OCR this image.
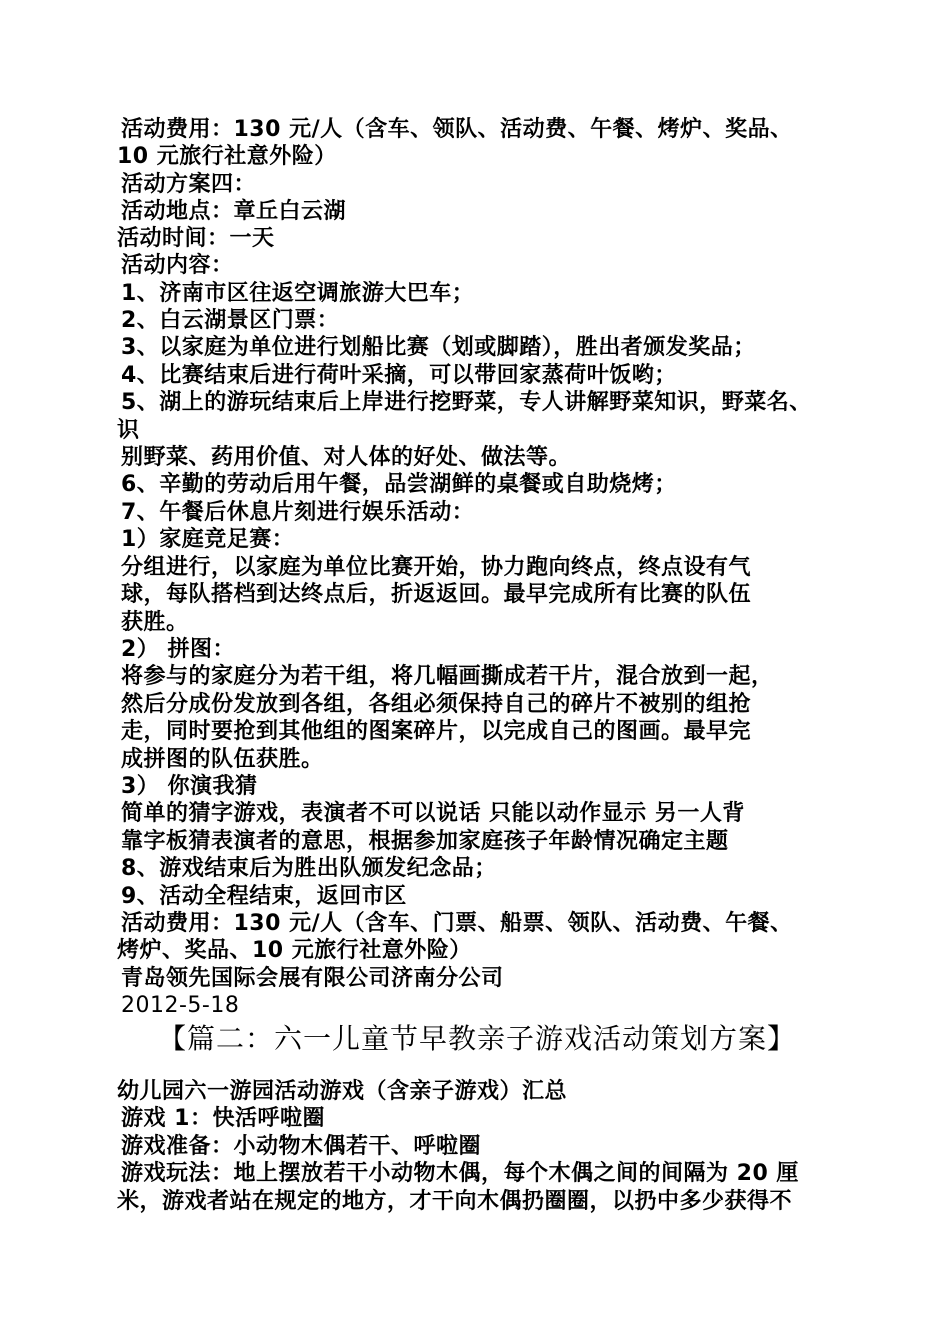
活动费用：130 元/人（含车、领队、活动费、午餐、烤炉、奖品、
10 元旅行社意外险）
活动方案四：
活动地点：章丘白云湖
活动时间：一天
活动内容：
1、济南市区往返空调旅游大巴车；
2、白云湖景区门票：
3、以家庭为单位进行划船比赛（划或脚踏），胜出者颁发奖品；
4、比赛结束后进行荷叶采摘，可以带回家蒸荷叶饭哟；
5、湖上的游玩结束后上岸进行挖野菜，专人讲解野菜知识，野菜名、
识
别野菜、药用价值、对人体的好处、做法等。
6、辛勤的劳动后用午餐，品尝湖鲜的桌餐或自助烧烤；
7、午餐后休息片刻进行娱乐活动：
1）家庭竞足赛：
分组进行，以家庭为单位比赛开始，协力跑向终点，终点设有气
球，每队搭档到达终点后，折返返回。最早完成所有比赛的队伍
获胜。
2） 拼图：
将参与的家庭分为若干组，将几幅画撕成若干片，混合放到一起，
然后分成份发放到各组，各组必须保持自己的碎片不被别的组抢
走，同时要抢到其他组的图案碎片，以完成自己的图画。最早完
成拼图的队伍获胜。
3） 你演我猜
简单的猜字游戏，表演者不可以说话 只能以动作显示 另一人背
靠字板猜表演者的意思，根据参加家庭孩子年龄情况确定主题
8、游戏结束后为胜出队颁发纪念品；
9、活动全程结束，返回市区
活动费用：130 元/人（含车、门票、船票、领队、活动费、午餐、
烤炉、奖品、10 元旅行社意外险）
青岛领先国际会展有限公司济南分公司
2012-5-18
【篇二：六一儿童节早教亲子游戏活动策划方案】
幼儿园六一游园活动游戏（含亲子游戏）汇总
游戏 1：快活呼啦圈
游戏准备：小动物木偶若干、呼啦圈
游戏玩法：地上摆放若干小动物木偶，每个木偶之间的间隔为 20 厘
米，游戏者站在规定的地方，才干向木偶扔圈圈，以扔中多少获得不
